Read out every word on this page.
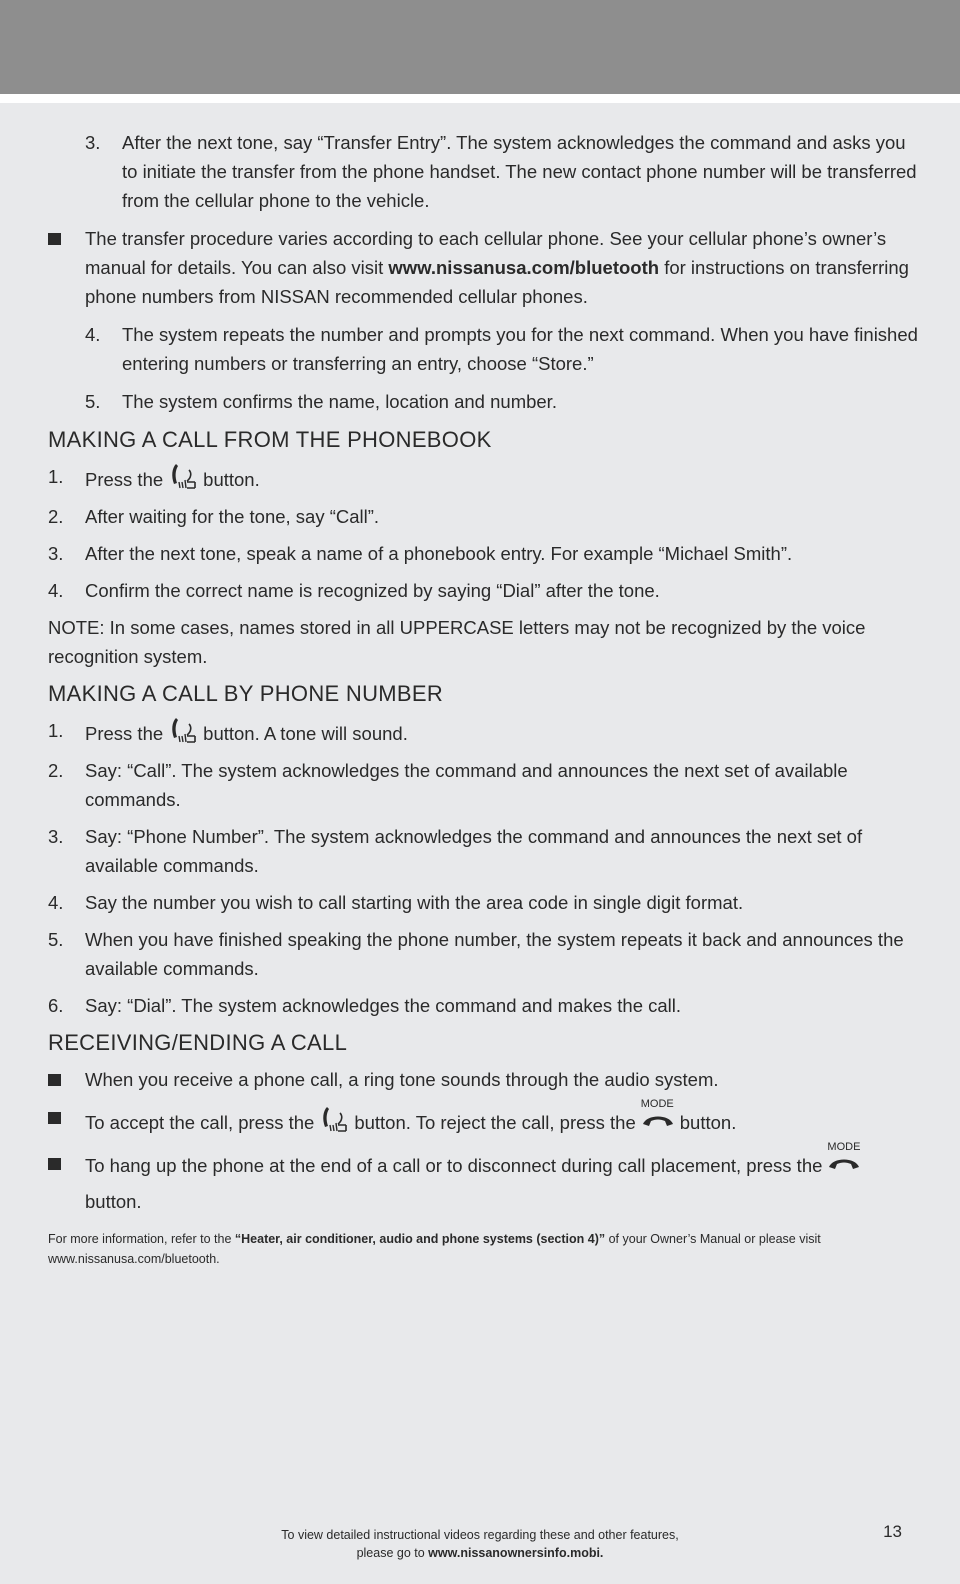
3. After the next tone, say “Transfer Entry”. The system acknowledges the command and asks you to initiate the transfer from the phone handset. The new contact phone number will be transferred from the cellular phone to the vehicle.

The transfer procedure varies according to each cellular phone. See your cellular phone’s owner’s manual for details. You can also visit www.nissanusa.com/bluetooth for instructions on transferring phone numbers from NISSAN recommended cellular phones.

4. The system repeats the number and prompts you for the next command. When you have finished entering numbers or transferring an entry, choose “Store.”

5. The system confirms the name, location and number.

MAKING A CALL FROM THE PHONEBOOK

1. Press the button.

2. After waiting for the tone, say “Call”.

3. After the next tone, speak a name of a phonebook entry. For example “Michael Smith”.

4. Confirm the correct name is recognized by saying “Dial” after the tone.

NOTE: In some cases, names stored in all UPPERCASE letters may not be recognized by the voice recognition system.

MAKING A CALL BY PHONE NUMBER

1. Press the button. A tone will sound.

2. Say: “Call”. The system acknowledges the command and announces the next set of available commands.

3. Say: “Phone Number”. The system acknowledges the command and announces the next set of available commands.

4. Say the number you wish to call starting with the area code in single digit format.

5. When you have finished speaking the phone number, the system repeats it back and announces the available commands.

6. Say: “Dial”. The system acknowledges the command and makes the call.

RECEIVING/ENDING A CALL

When you receive a phone call, a ring tone sounds through the audio system.

To accept the call, press the button. To reject the call, press the
MODE
button.

To hang up the phone at the end of a call or to disconnect during call placement, press the
MODE
button.

For more information, refer to the “Heater, air conditioner, audio and phone systems (section 4)” of your Owner’s Manual or please visit www.nissanusa.com/bluetooth.

To view detailed instructional videos regarding these and other features,
please go to www.nissanownersinfo.mobi.
13
